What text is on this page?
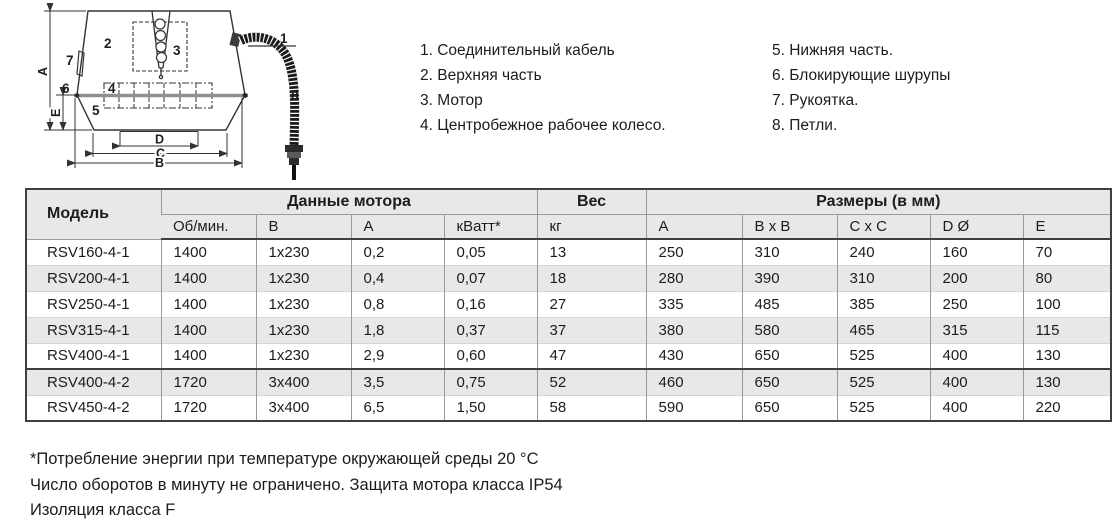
1
2	3
4
5
6
7
8
A
E
D
C
B
1. Соединительный кабель
2. Верхняя часть
3. Мотор
4. Центробежное рабочее колесо.
5. Нижняя часть.
6. Блокирующие шурупы
7. Рукоятка.
8. Петли.
Модель	Данные мотора				Вес	Размеры (в мм)				
	Об/мин.	В	А	кВатт*	кг	A	B x B	C x C	D Ø	E
RSV160-4-1	1400	1x230	0,2	0,05	13	250	310	240	160	70
RSV200-4-1	1400	1x230	0,4	0,07	18	280	390	310	200	80
RSV250-4-1	1400	1x230	0,8	0,16	27	335	485	385	250	100
RSV315-4-1	1400	1x230	1,8	0,37	37	380	580	465	315	115
RSV400-4-1	1400	1x230	2,9	0,60	47	430	650	525	400	130
RSV400-4-2	1720	3x400	3,5	0,75	52	460	650	525	400	130
RSV450-4-2	1720	3x400	6,5	1,50	58	590	650	525	400	220
*Потребление энергии при температуре окружающей среды 20 °C
Число оборотов в минуту не ограничено. Защита мотора класса IP54
Изоляция класса F
